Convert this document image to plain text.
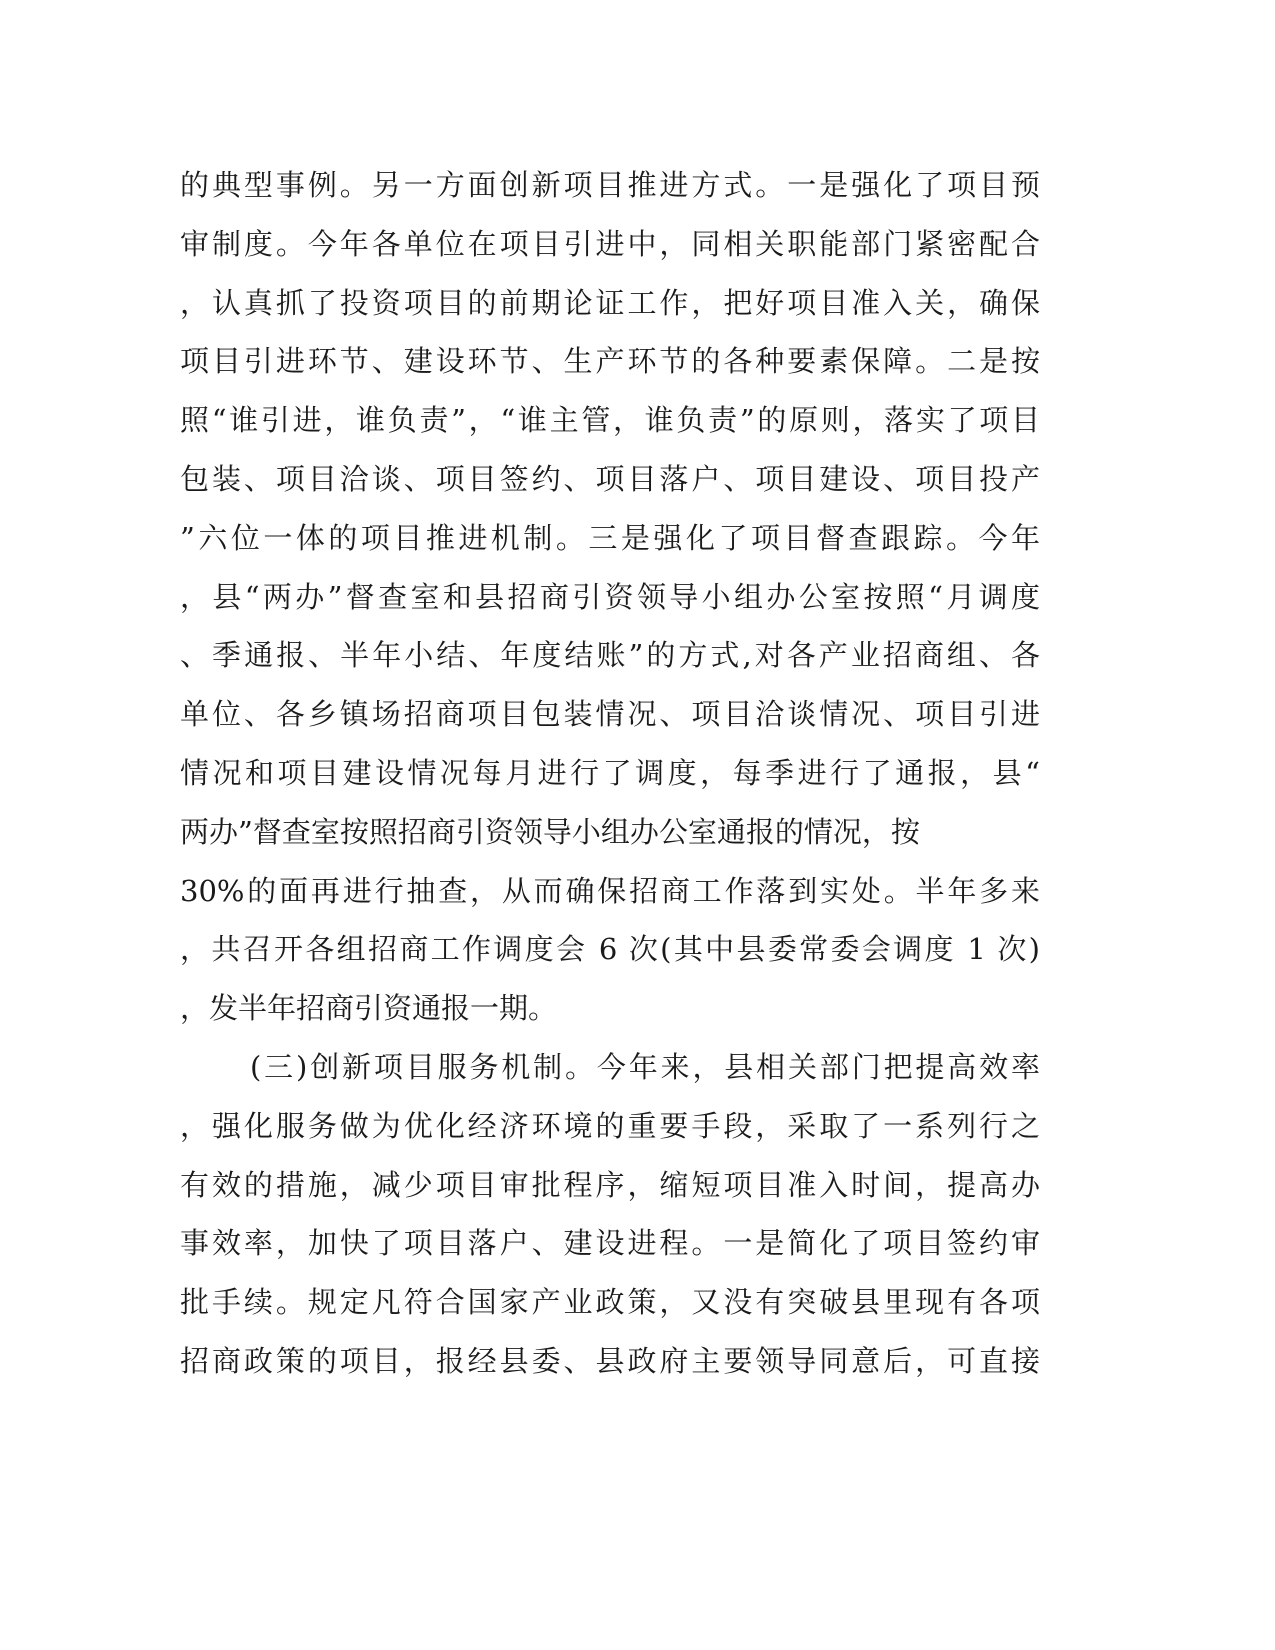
的典型事例。另一方面创新项目推进方式。一是强化了项目预
审制度。今年各单位在项目引进中，同相关职能部门紧密配合
，认真抓了投资项目的前期论证工作，把好项目准入关，确保
项目引进环节、建设环节、生产环节的各种要素保障。二是按
照“谁引进，谁负责”，“谁主管，谁负责”的原则，落实了项目
包装、项目洽谈、项目签约、项目落户、项目建设、项目投产
”六位一体的项目推进机制。三是强化了项目督查跟踪。今年
，县“两办”督查室和县招商引资领导小组办公室按照“月调度
、季通报、半年小结、年度结账”的方式,对各产业招商组、各
单位、各乡镇场招商项目包装情况、项目洽谈情况、项目引进
情况和项目建设情况每月进行了调度，每季进行了通报，县“
两办”督查室按照招商引资领导小组办公室通报的情况，按
30%的面再进行抽查，从而确保招商工作落到实处。半年多来
，共召开各组招商工作调度会 6 次(其中县委常委会调度 1 次)
，发半年招商引资通报一期。
(三)创新项目服务机制。今年来，县相关部门把提高效率
，强化服务做为优化经济环境的重要手段，采取了一系列行之
有效的措施，减少项目审批程序，缩短项目准入时间，提高办
事效率，加快了项目落户、建设进程。一是简化了项目签约审
批手续。规定凡符合国家产业政策，又没有突破县里现有各项
招商政策的项目，报经县委、县政府主要领导同意后，可直接
